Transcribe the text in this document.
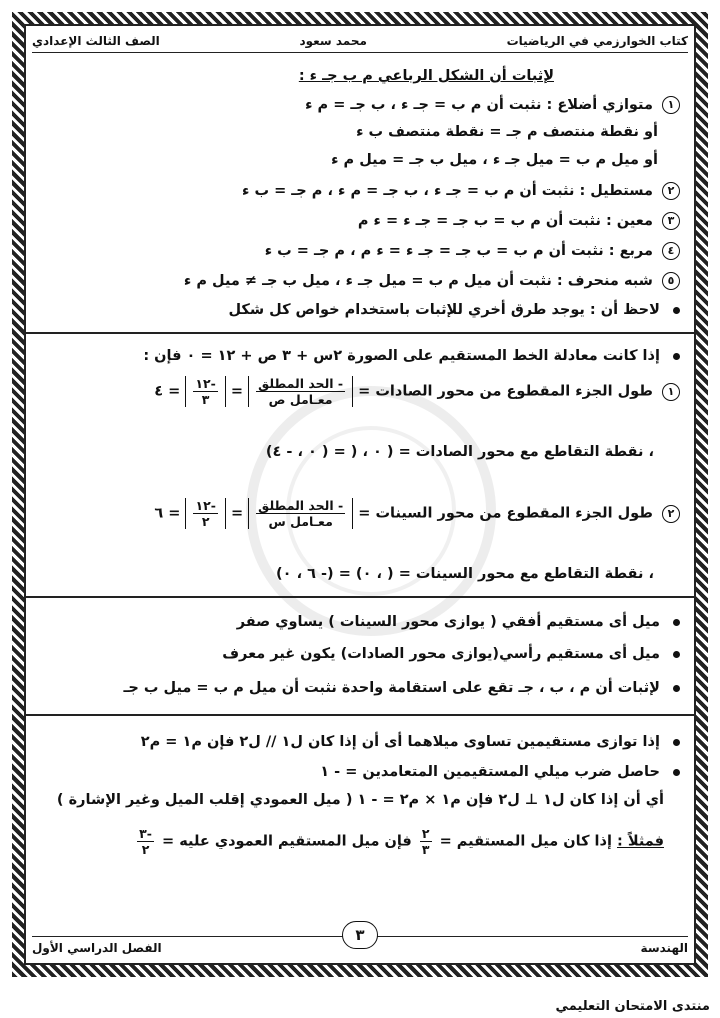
كتاب الخوارزمي في الرياضيات
محمد سعود
الصف الثالث الإعدادي
لإثبات أن الشكل الرباعي ﻡ ب جـ ء :
١ متوازي أضلاع : نثبت أن ﻡ ب = جـ ء ، ب جـ = ﻡ ء
أو نقطة منتصف ﻡ جـ = نقطة منتصف ب ء
أو ميل ﻡ ب = ميل جـ ء ، ميل ب جـ = ميل ﻡ ء
٢ مستطيل : نثبت أن ﻡ ب = جـ ء ، ب جـ = ﻡ ء ، ﻡ جـ = ب ء
٣ معين : نثبت أن ﻡ ب = ب جـ = جـ ء = ء ﻡ
٤ مربع : نثبت أن ﻡ ب = ب جـ = جـ ء = ء ﻡ ، ﻡ جـ = ب ء
٥ شبه منحرف : نثبت أن ميل ﻡ ب = ميل جـ ء ، ميل ب جـ ≠ ميل ﻡ ء
لاحظ أن : يوجد طرق أخري للإثبات باستخدام خواص كل شكل
إذا كانت معادلة الخط المستقيم على الصورة ٢س + ٣ ص + ١٢ = ٠ فإن :
١ طول الجزء المقطوع من محور الصادات =
$\frac{\text{- الحد المطلق}}{\text{معـامل ص}}$
=
$\frac{-١٢}{٣}$
= ٤
، نقطة التقاطع مع محور الصادات = ( ٠ ، ( = ( ٠ ، - ٤)
٢ طول الجزء المقطوع من محور السينات =
$\frac{\text{- الحد المطلق}}{\text{معـامل س}}$
=
$\frac{-١٢}{٢}$
= ٦
، نقطة التقاطع مع محور السينات = ( ، ٠) = (- ٦ ، ٠)
ميل أى مستقيم أفقي ( يوازى محور السينات ) يساوي صفر
ميل أى مستقيم رأسي(يوازى محور الصادات) يكون غير معرف
لإثبات أن ﻡ ، ب ، جـ تقع على استقامة واحدة نثبت أن ميل ﻡ ب = ميل ب جـ
إذا توازى مستقيمين تساوى ميلاهما أى أن إذا كان ل١ // ل٢ فإن م١ = م٢
حاصل ضرب ميلي المستقيمين المتعامدين = - ١
أي أن إذا كان ل١ ⊥ ل٢ فإن م١ × م٢ = - ١ ( ميل العمودي إقلب الميل وغير الإشارة )
فمثلاً : إذا كان ميل المستقيم =
$\frac{٢}{٣}$
فإن ميل المستقيم العمودي عليه =
$\frac{-٣}{٢}$
الهندسة
الفصل الدراسي الأول
٣
منتدى الامتحان التعليمي
